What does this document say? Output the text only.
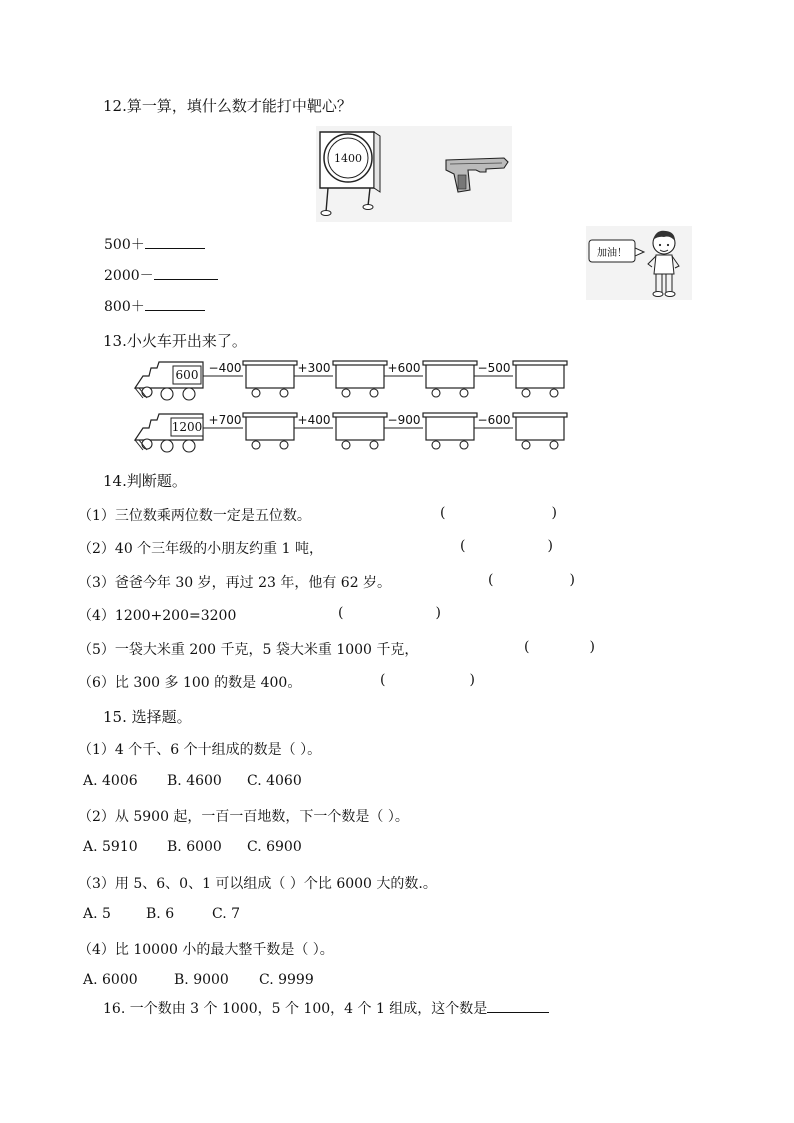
12.算一算，填什么数才能打中靶心？
1400
500＋
2000－
800＋
加油！
13.小火车开出来了。
600 −400	+300	+600	−500
1200 +700	+400	−900	−600
14.判断题。
（1）三位数乘两位数一定是五位数。	(	)
（2）40 个三年级的小朋友约重 1 吨，	(	)
（3）爸爸今年 30 岁，再过 23 年，他有 62 岁。	(	)
（4）1200+200=3200	(	)
（5）一袋大米重 200 千克，5 袋大米重 1000 千克，	(	)
（6）比 300 多 100 的数是 400。	(	)
15. 选择题。
（1）4 个千、6 个十组成的数是（ ）。
A. 4006 B. 4600 C. 4060
（2）从 5900 起，一百一百地数，下一个数是（ ）。
A. 5910 B. 6000 C. 6900
（3）用 5、6、0、1 可以组成（ ）个比 6000 大的数.。
A. 5	B. 6	C. 7
（4）比 10000 小的最大整千数是（ ）。
A. 6000	B. 9000 C. 9999
16. 一个数由 3 个 1000，5 个 100，4 个 1 组成，这个数是
